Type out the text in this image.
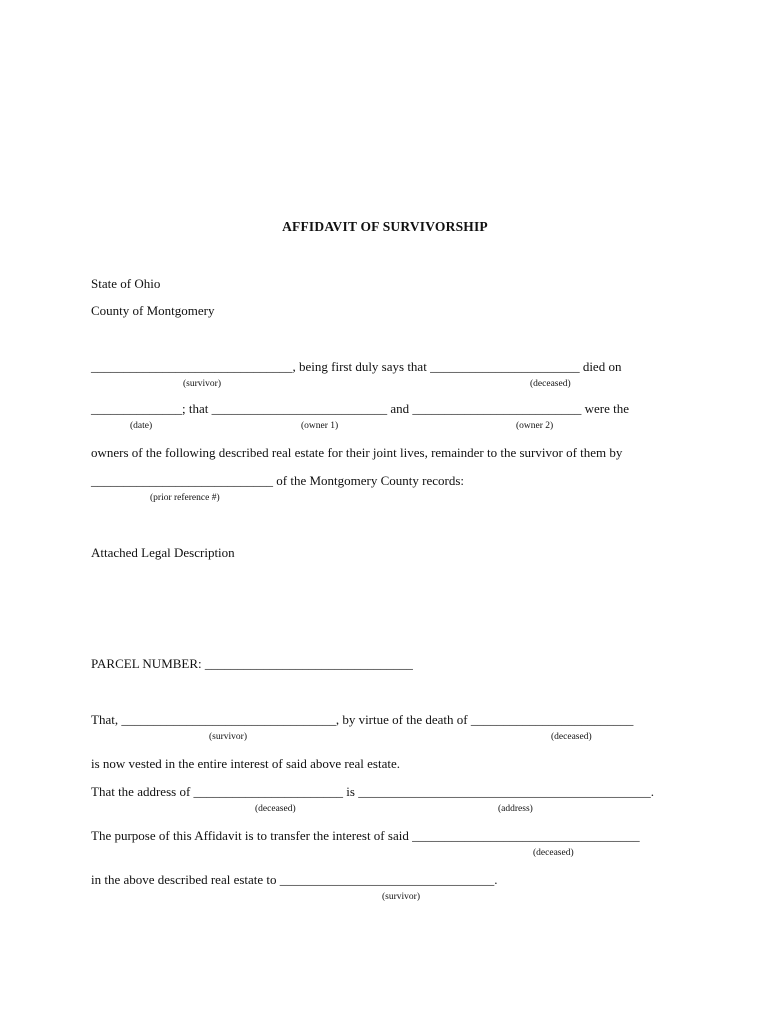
AFFIDAVIT OF SURVIVORSHIP
State of Ohio
County of Montgomery
_______________________________, being first duly says that _______________________ died on
(survivor)	(deceased)
______________; that ___________________________ and __________________________ were the
(date)	(owner 1)	(owner 2)
owners of the following described real estate for their joint lives, remainder to the survivor of them by
____________________________ of the Montgomery County records:
(prior reference #)
Attached Legal Description
PARCEL NUMBER: ________________________________
That, _________________________________, by virtue of the death of _________________________
(survivor)	(deceased)
is now vested in the entire interest of said above real estate.
That the address of _______________________ is _____________________________________________.
(deceased)	(address)
The purpose of this Affidavit is to transfer the interest of said ___________________________________
(deceased)
in the above described real estate to _________________________________.
(survivor)
